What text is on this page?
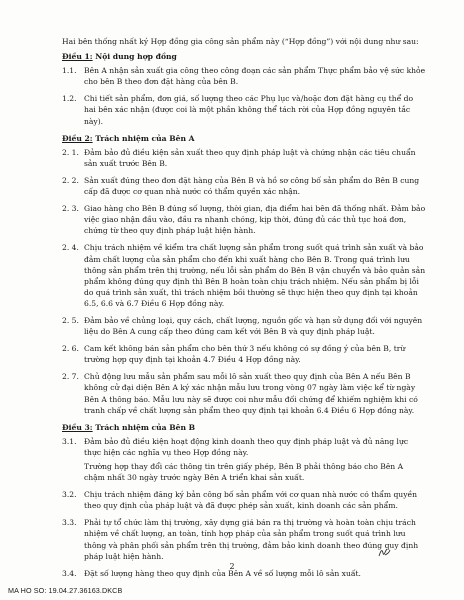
Hai bên thống nhất ký Hợp đồng gia công sản phẩm này (“Hợp đồng”) với nội dung như sau:

Điều 1: Nội dung hợp đồng
1.1. Bên A nhận sản xuất gia công theo công đoạn các sản phẩm Thực phẩm bảo vệ sức khỏe cho bên B theo đơn đặt hàng của bên B.

1.2. Chi tiết sản phẩm, đơn giá, số lượng theo các Phụ lục và/hoặc đơn đặt hàng cụ thể do hai bên xác nhận (được coi là một phần không thể tách rời của Hợp đồng nguyên tắc này).

Điều 2: Trách nhiệm của Bên A
2. 1. Đảm bảo đủ điều kiện sản xuất theo quy định pháp luật và chứng nhận các tiêu chuẩn sản xuất trước Bên B.

2. 2. Sản xuất đúng theo đơn đặt hàng của Bên B và hồ sơ công bố sản phẩm do Bên B cung cấp đã được cơ quan nhà nước có thẩm quyền xác nhận.

2. 3. Giao hàng cho Bên B đúng số lượng, thời gian, địa điểm hai bên đã thống nhất. Đảm bảo việc giao nhận đầu vào, đầu ra nhanh chóng, kịp thời, đúng đủ các thủ tục hoá đơn, chứng từ theo quy định pháp luật hiện hành.

2. 4. Chịu trách nhiệm về kiểm tra chất lượng sản phẩm trong suốt quá trình sản xuất và bảo đảm chất lượng của sản phẩm cho đến khi xuất hàng cho Bên B. Trong quá trình lưu thông sản phẩm trên thị trường, nếu lỗi sản phẩm do Bên B vận chuyển và bảo quản sản phẩm không đúng quy định thì Bên B hoàn toàn chịu trách nhiệm. Nếu sản phẩm bị lỗi do quá trình sản xuất, thì trách nhiệm bồi thường sẽ thực hiện theo quy định tại khoản 6.5, 6.6 và 6.7 Điều 6 Hợp đồng này.

2. 5. Đảm bảo về chủng loại, quy cách, chất lượng, nguồn gốc và hạn sử dụng đối với nguyên liệu do Bên A cung cấp theo đúng cam kết với Bên B và quy định pháp luật.

2. 6. Cam kết không bán sản phẩm cho bên thứ 3 nếu không có sự đồng ý của bên B, trừ trường hợp quy định tại khoản 4.7 Điều 4 Hợp đồng này.

2. 7. Chủ động lưu mẫu sản phẩm sau mỗi lô sản xuất theo quy định của Bên A nếu Bên B không cử đại diện Bên A ký xác nhận mẫu lưu trong vòng 07 ngày làm việc kể từ ngày Bên A thông báo. Mẫu lưu này sẽ được coi như mẫu đối chứng để khiếm nghiệm khi có tranh chấp về chất lượng sản phẩm theo quy định tại khoản 6.4 Điều 6 Hợp đồng này.

Điều 3: Trách nhiệm của Bên B
3.1. Đảm bảo đủ điều kiện hoạt động kinh doanh theo quy định pháp luật và đủ năng lực thực hiện các nghĩa vụ theo Hợp đồng này.

Trường hợp thay đổi các thông tin trên giấy phép, Bên B phải thông báo cho Bên A chậm nhất 30 ngày trước ngày Bên A triển khai sản xuất.

3.2. Chịu trách nhiệm đăng ký bản công bố sản phẩm với cơ quan nhà nước có thẩm quyền theo quy định của pháp luật và đã được phép sản xuất, kinh doanh các sản phẩm.

3.3. Phải tự tổ chức làm thị trường, xây dựng giá bán ra thị trường và hoàn toàn chịu trách nhiệm về chất lượng, an toàn, tính hợp pháp của sản phẩm trong suốt quá trình lưu thông và phân phối sản phẩm trên thị trường, đảm bảo kinh doanh theo đúng quy định pháp luật hiện hành.

3.4. Đặt số lượng hàng theo quy định của Bên A về số lượng mỗi lô sản xuất.

2
MA HO SO: 19.04.27.36163.DKCB
